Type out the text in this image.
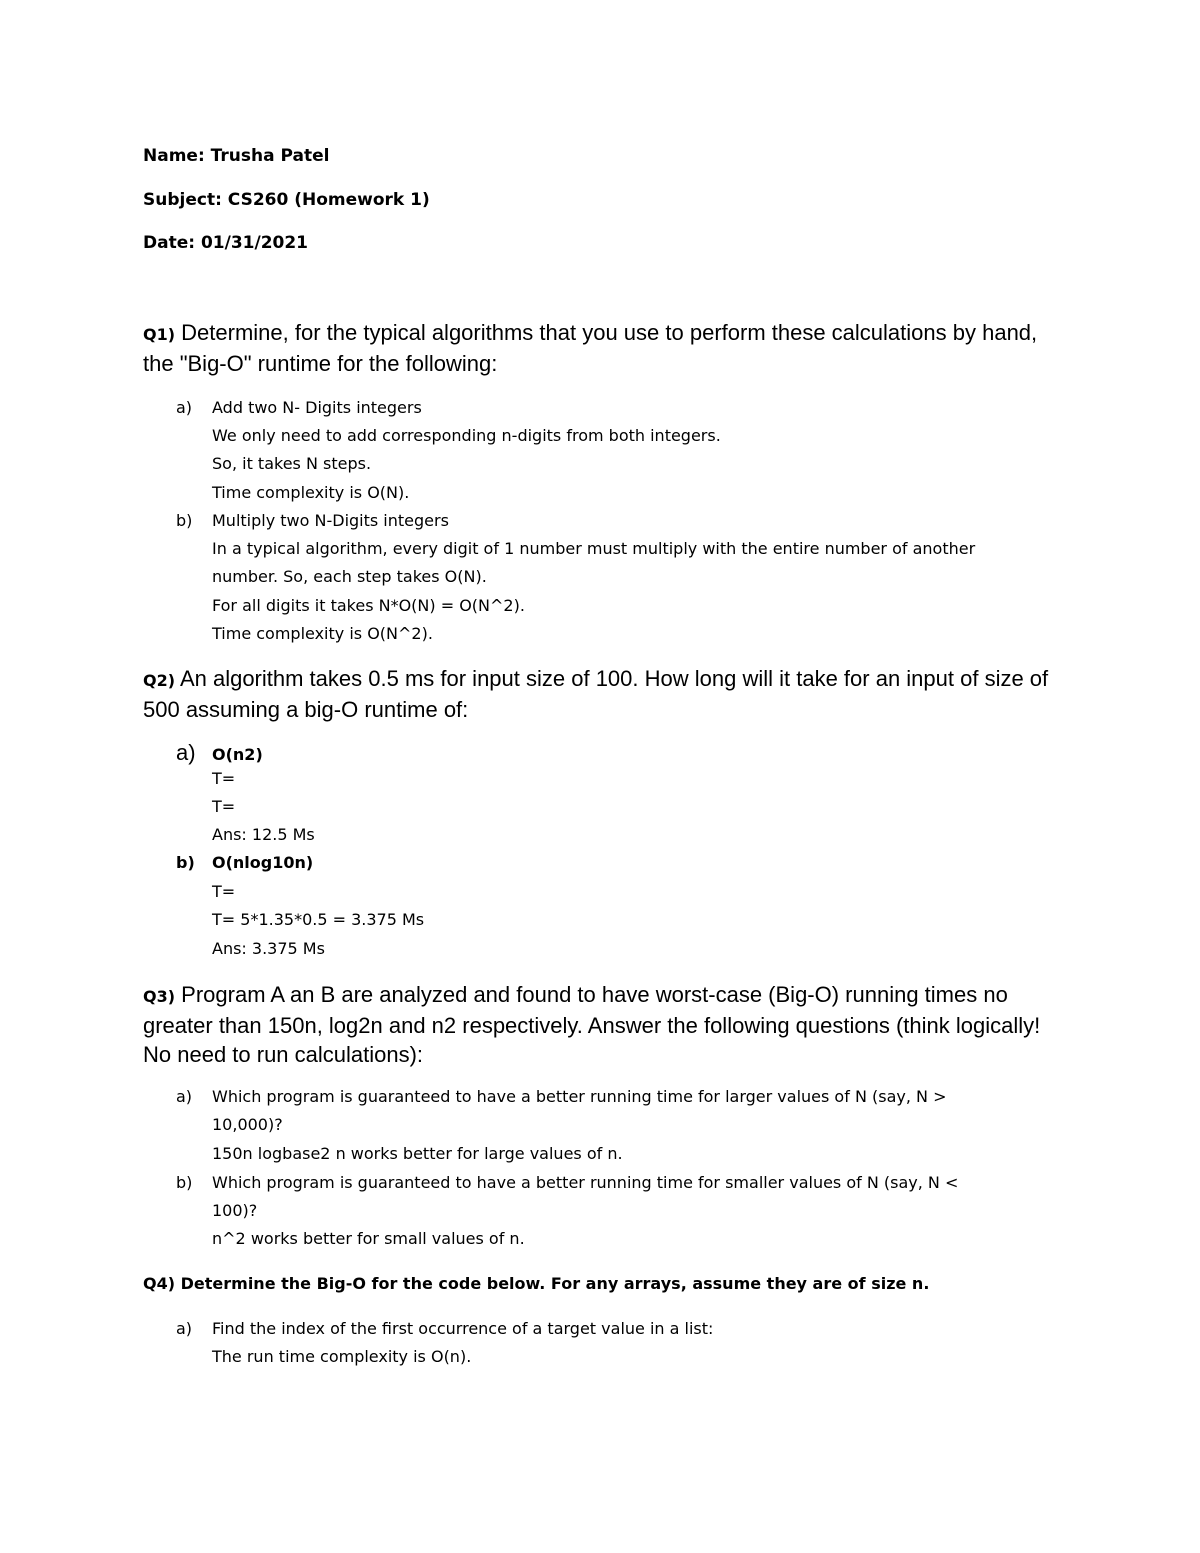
Name: Trusha Patel
Subject: CS260 (Homework 1)
Date: 01/31/2021
Q1) Determine, for the typical algorithms that you use to perform these calculations by hand, the "Big-O" runtime for the following:
a) Add two N- Digits integers
We only need to add corresponding n-digits from both integers.
So, it takes N steps.
Time complexity is O(N).
b) Multiply two N-Digits integers
In a typical algorithm, every digit of 1 number must multiply with the entire number of another
number. So, each step takes O(N).
For all digits it takes N*O(N) = O(N^2).
Time complexity is O(N^2).
Q2) An algorithm takes 0.5 ms for input size of 100. How long will it take for an input of size of 500 assuming a big-O runtime of:
a) O(n2)
T=
T=
Ans: 12.5 Ms
b) O(nlog10n)
T=
T= 5*1.35*0.5 = 3.375 Ms
Ans: 3.375 Ms
Q3) Program A an B are analyzed and found to have worst-case (Big-O) running times no greater than 150n, log2n and n2 respectively. Answer the following questions (think logically! No need to run calculations):
a) Which program is guaranteed to have a better running time for larger values of N (say, N >
10,000)?
150n logbase2 n works better for large values of n.
b) Which program is guaranteed to have a better running time for smaller values of N (say, N <
100)?
n^2 works better for small values of n.
Q4) Determine the Big-O for the code below. For any arrays, assume they are of size n.
a) Find the index of the first occurrence of a target value in a list:
The run time complexity is O(n).
